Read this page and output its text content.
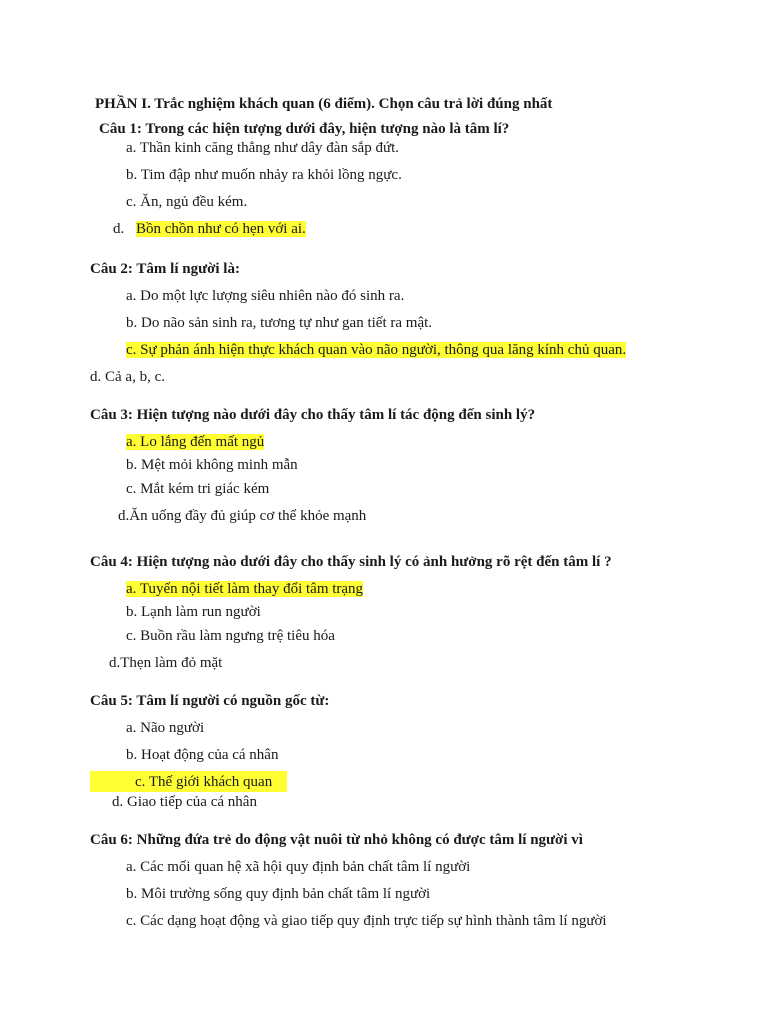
PHẦN I. Trắc nghiệm khách quan (6 điểm). Chọn câu trả lời đúng nhất
Câu 1: Trong các hiện tượng dưới đây, hiện tượng nào là tâm lí?
a. Thần kinh căng thẳng như dây đàn sắp đứt.
b. Tim đập như muốn nhảy ra khỏi lồng ngực.
c. Ăn, ngủ đều kém.
d. Bồn chồn như có hẹn với ai.
Câu 2: Tâm lí người là:
a. Do một lực lượng siêu nhiên nào đó sinh ra.
b. Do não sản sinh ra, tương tự như gan tiết ra mật.
c. Sự phản ánh hiện thực khách quan vào não người, thông qua lăng kính chủ quan.
d. Cả a, b, c.
Câu 3: Hiện tượng nào dưới đây cho thấy tâm lí tác động đến sinh lý?
a. Lo lắng đến mất ngủ
b. Mệt mỏi không minh mẫn
c. Mắt kém tri giác kém
d.Ăn uống đầy đủ giúp cơ thể khỏe mạnh
Câu 4: Hiện tượng nào dưới đây cho thấy sinh lý có ảnh hưởng rõ rệt đến tâm lí ?
a. Tuyến nội tiết làm thay đổi tâm trạng
b. Lạnh làm run người
c. Buồn rầu làm ngưng trệ tiêu hóa
d.Thẹn làm đỏ mặt
Câu 5: Tâm lí người có nguồn gốc từ:
a. Não người
b. Hoạt động của cá nhân
c. Thế giới khách quan
d. Giao tiếp của cá nhân
Câu 6: Những đứa trẻ do động vật nuôi từ nhỏ không có được tâm lí người vì
a. Các mối quan hệ xã hội quy định bản chất tâm lí người
b. Môi trường sống quy định bản chất tâm lí người
c. Các dạng hoạt động và giao tiếp quy định trực tiếp sự hình thành tâm lí người
